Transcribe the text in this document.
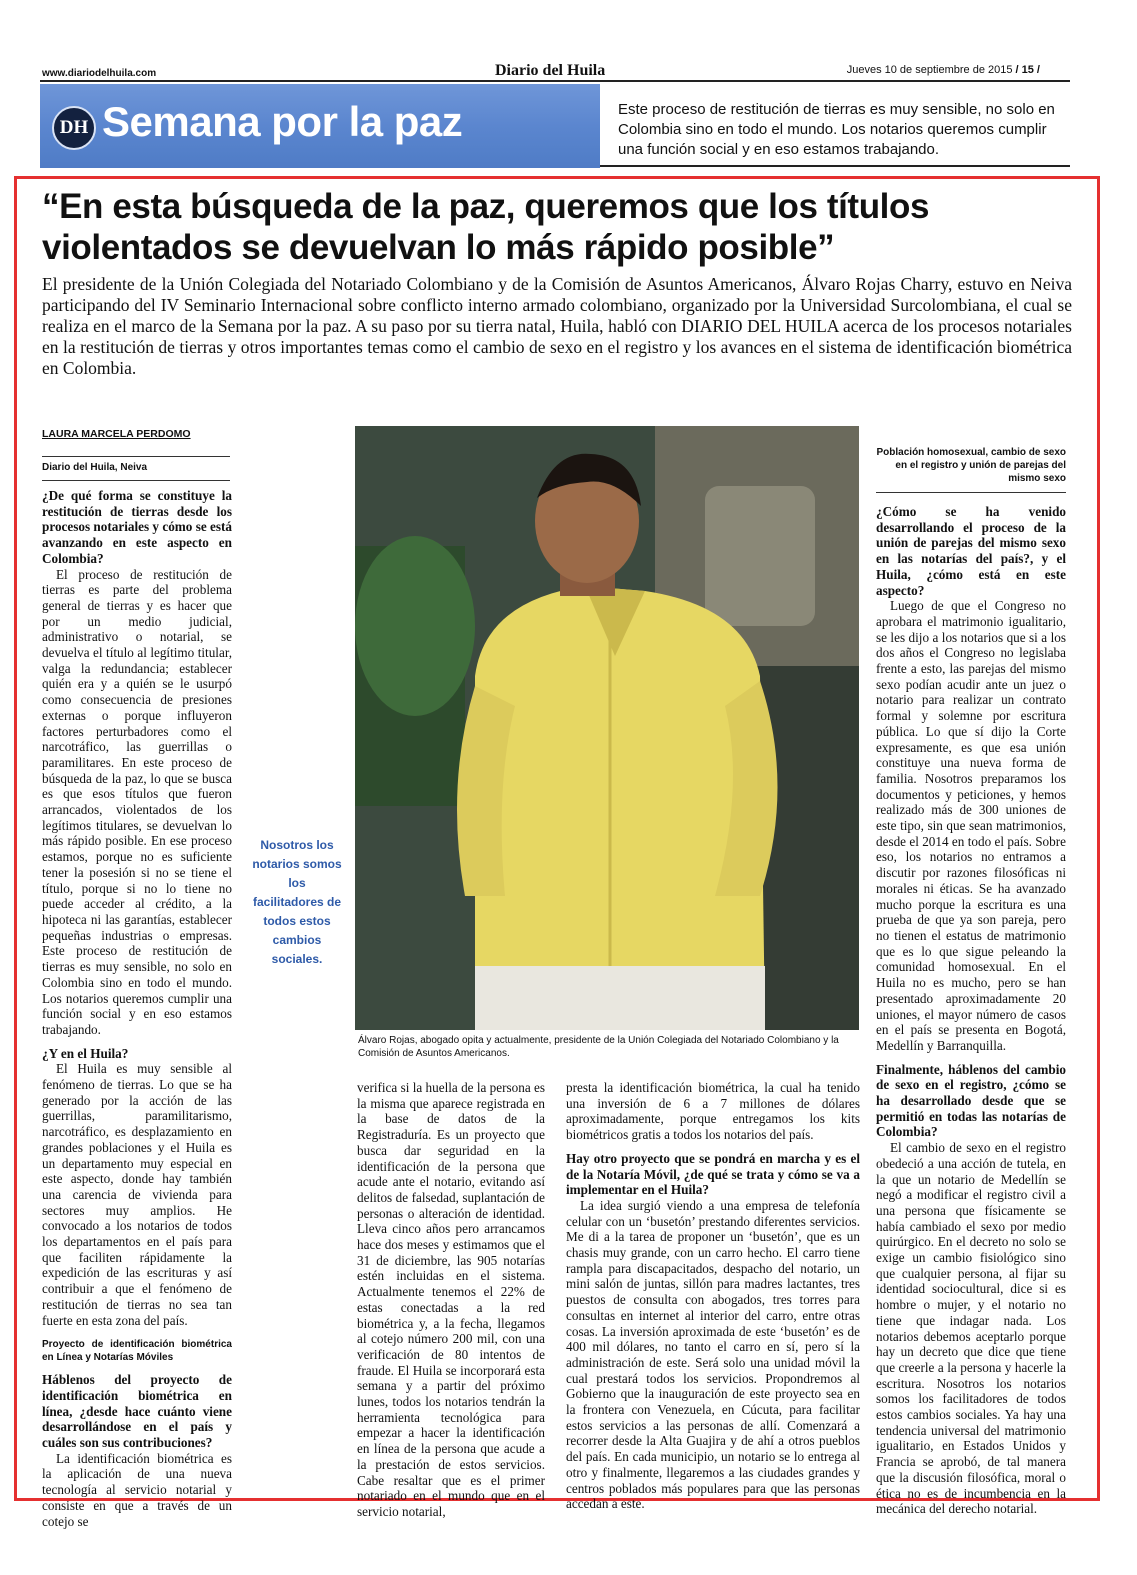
www.diariodelhuila.com	Diario del Huila	Jueves 10 de septiembre de 2015 / 15 /
DH Semana por la paz	Este proceso de restitución de tierras es muy sensible, no solo en Colombia sino en todo el mundo. Los notarios queremos cumplir una función social y en eso estamos trabajando.
“En esta búsqueda de la paz, queremos que los títulos violentados se devuelvan lo más rápido posible”
El presidente de la Unión Colegiada del Notariado Colombiano y de la Comisión de Asuntos Americanos, Álvaro Rojas Charry, estuvo en Neiva participando del IV Seminario Internacional sobre conflicto interno armado colombiano, organizado por la Universidad Surcolombiana, el cual se realiza en el marco de la Semana por la paz. A su paso por su tierra natal, Huila, habló con DIARIO DEL HUILA acerca de los procesos notariales en la restitución de tierras y otros importantes temas como el cambio de sexo en el registro y los avances en el sistema de identificación biométrica en Colombia.
LAURA MARCELA PERDOMO
Diario del Huila, Neiva

¿De qué forma se constituye la restitución de tierras desde los procesos notariales y cómo se está avanzando en este aspecto en Colombia?

El proceso de restitución de tierras es parte del problema general de tierras y es hacer que por un medio judicial, administrativo o notarial, se devuelva el título al legítimo titular, valga la redundancia; establecer quién era y a quién se le usurpó como consecuencia de presiones externas o porque influyeron factores perturbadores como el narcotráfico, las guerrillas o paramilitares. En este proceso de búsqueda de la paz, lo que se busca es que esos títulos que fueron arrancados, violentados de los legítimos titulares, se devuelvan lo más rápido posible. En ese proceso estamos, porque no es suficiente tener la posesión si no se tiene el título, porque si no lo tiene no puede acceder al crédito, a la hipoteca ni las garantías, establecer pequeñas industrias o empresas. Este proceso de restitución de tierras es muy sensible, no solo en Colombia sino en todo el mundo. Los notarios queremos cumplir una función social y en eso estamos trabajando.

¿Y en el Huila?

El Huila es muy sensible al fenómeno de tierras. Lo que se ha generado por la acción de las guerrillas, paramilitarismo, narcotráfico, es desplazamiento en grandes poblaciones y el Huila es un departamento muy especial en este aspecto, donde hay también una carencia de vivienda para sectores muy amplios. He convocado a los notarios de todos los departamentos en el país para que faciliten rápidamente la expedición de las escrituras y así contribuir a que el fenómeno de restitución de tierras no sea tan fuerte en esta zona del país.

Proyecto de identificación biométrica en Línea y Notarías Móviles

Háblenos del proyecto de identificación biométrica en línea, ¿desde hace cuánto viene desarrollándose en el país y cuáles son sus contribuciones?

La identificación biométrica es la aplicación de una nueva tecnología al servicio notarial y consiste en que a través de un cotejo se

Nosotros los notarios somos los facilitadores de todos estos cambios sociales.
Álvaro Rojas, abogado opita y actualmente, presidente de la Unión Colegiada del Notariado Colombiano y la Comisión de Asuntos Americanos.

verifica si la huella de la persona es la misma que aparece registrada en la base de datos de la Registraduría. Es un proyecto que busca dar seguridad en la identificación de la persona que acude ante el notario, evitando así delitos de falsedad, suplantación de personas o alteración de identidad. Lleva cinco años pero arrancamos hace dos meses y estimamos que el 31 de diciembre, las 905 notarías estén incluidas en el sistema. Actualmente tenemos el 22% de estas conectadas a la red biométrica y, a la fecha, llegamos al cotejo número 200 mil, con una verificación de 80 intentos de fraude. El Huila se incorporará esta semana y a partir del próximo lunes, todos los notarios tendrán la herramienta tecnológica para empezar a hacer la identificación en línea de la persona que acude a la prestación de estos servicios. Cabe resaltar que es el primer notariado en el mundo que en el servicio notarial,

presta la identificación biométrica, la cual ha tenido una inversión de 6 a 7 millones de dólares aproximadamente, porque entregamos los kits biométricos gratis a todos los notarios del país.

Hay otro proyecto que se pondrá en marcha y es el de la Notaría Móvil, ¿de qué se trata y cómo se va a implementar en el Huila?

La idea surgió viendo a una empresa de telefonía celular con un ‘busetón’ prestando diferentes servicios. Me di a la tarea de proponer un ‘busetón’, que es un chasis muy grande, con un carro hecho. El carro tiene rampla para discapacitados, despacho del notario, un mini salón de juntas, sillón para madres lactantes, tres puestos de consulta con abogados, tres torres para consultas en internet al interior del carro, entre otras cosas. La inversión aproximada de este ‘busetón’ es de 400 mil dólares, no tanto el carro en sí, pero sí la administración de este. Será solo una unidad móvil la cual prestará todos los servicios. Propondremos al Gobierno que la inauguración de este proyecto sea en la frontera con Venezuela, en Cúcuta, para facilitar estos servicios a las personas de allí. Comenzará a recorrer desde la Alta Guajira y de ahí a otros pueblos del país. En cada municipio, un notario se lo entrega al otro y finalmente, llegaremos a las ciudades grandes y centros poblados más populares para que las personas accedan a este.

Población homosexual, cambio de sexo en el registro y unión de parejas del mismo sexo

¿Cómo se ha venido desarrollando el proceso de la unión de parejas del mismo sexo en las notarías del país?, y el Huila, ¿cómo está en este aspecto?

Luego de que el Congreso no aprobara el matrimonio igualitario, se les dijo a los notarios que si a los dos años el Congreso no legislaba frente a esto, las parejas del mismo sexo podían acudir ante un juez o notario para realizar un contrato formal y solemne por escritura pública. Lo que sí dijo la Corte expresamente, es que esa unión constituye una nueva forma de familia. Nosotros preparamos los documentos y peticiones, y hemos realizado más de 300 uniones de este tipo, sin que sean matrimonios, desde el 2014 en todo el país. Sobre eso, los notarios no entramos a discutir por razones filosóficas ni morales ni éticas. Se ha avanzado mucho porque la escritura es una prueba de que ya son pareja, pero no tienen el estatus de matrimonio que es lo que sigue peleando la comunidad homosexual. En el Huila no es mucho, pero se han presentado aproximadamente 20 uniones, el mayor número de casos en el país se presenta en Bogotá, Medellín y Barranquilla.

Finalmente, háblenos del cambio de sexo en el registro, ¿cómo se ha desarrollado desde que se permitió en todas las notarías de Colombia?

El cambio de sexo en el registro obedeció a una acción de tutela, en la que un notario de Medellín se negó a modificar el registro civil a una persona que físicamente se había cambiado el sexo por medio quirúrgico. En el decreto no solo se exige un cambio fisiológico sino que cualquier persona, al fijar su identidad sociocultural, dice si es hombre o mujer, y el notario no tiene que indagar nada. Los notarios debemos aceptarlo porque hay un decreto que dice que tiene que creerle a la persona y hacerle la escritura. Nosotros los notarios somos los facilitadores de todos estos cambios sociales. Ya hay una tendencia universal del matrimonio igualitario, en Estados Unidos y Francia se aprobó, de tal manera que la discusión filosófica, moral o ética no es de incumbencia en la mecánica del derecho notarial.
